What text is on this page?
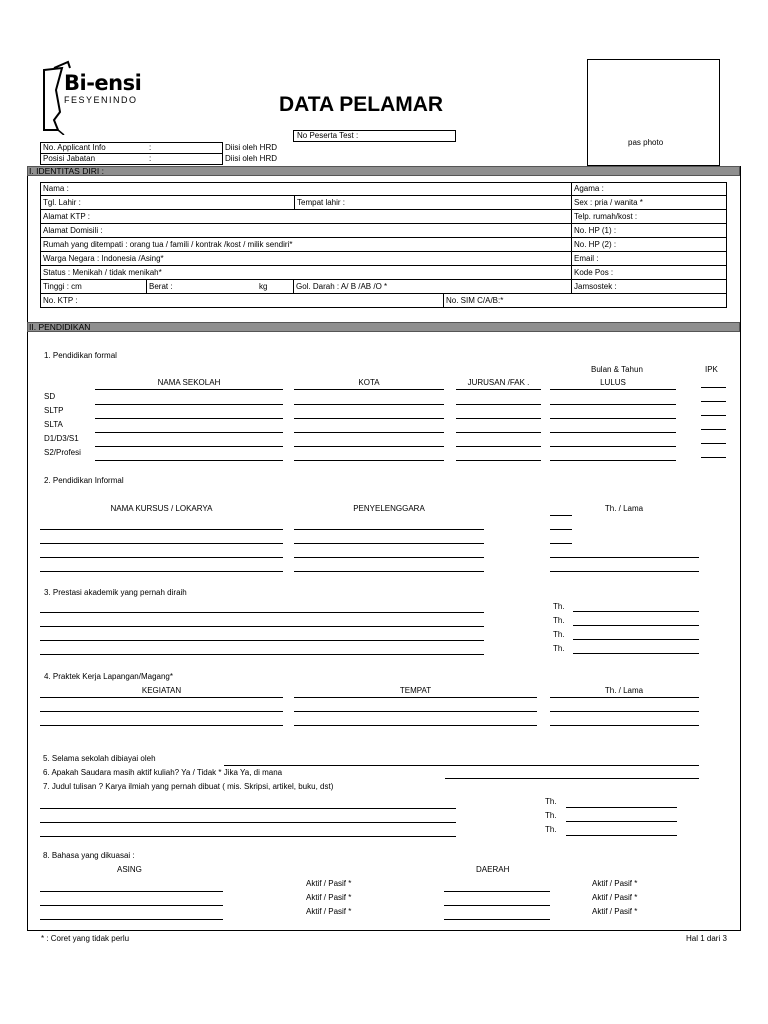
Bi-ensi
FESYENINDO	DATA PELAMAR
No Peserta Test :
pas photo
No. Applicant Info	:	Diisi oleh HRD
Posisi Jabatan	:	Diisi oleh HRD
I. IDENTITAS DIRI :
Nama :	Agama :
Tgl. Lahir :	Tempat lahir :	Sex : pria / wanita *
Alamat KTP :	Telp. rumah/kost :
Alamat Domisili :	No. HP (1) :
Rumah yang ditempati : orang tua / famili / kontrak /kost / milik sendiri*	No. HP (2) :
Warga Negara : Indonesia /Asing*	Email :
Status : Menikah / tidak menikah*	Kode Pos :
Tinggi : cm	Berat :	kg	Gol. Darah : A/ B /AB /O *	Jamsostek :
No. KTP :	No. SIM C/A/B:*
II. PENDIDIKAN
1. Pendidikan formal
Bulan & Tahun	IPK
NAMA SEKOLAH	KOTA	JURUSAN /FAK .	LULUS
SD
SLTP
SLTA
D1/D3/S1
S2/Profesi
2. Pendidikan Informal
NAMA KURSUS / LOKARYA	PENYELENGGARA	Th. / Lama
3. Prestasi akademik yang pernah diraih
Th.
Th.
Th.
Th.
4. Praktek Kerja Lapangan/Magang*
KEGIATAN	TEMPAT	Th. / Lama
5. Selama sekolah dibiayai oleh
6. Apakah Saudara masih aktif kuliah? Ya / Tidak * Jika Ya, di mana
7. Judul tulisan ? Karya ilmiah yang pernah dibuat ( mis. Skripsi, artikel, buku, dst)
Th.
Th.
Th.
8. Bahasa yang dikuasai :
ASING	DAERAH
Aktif / Pasif *
Aktif / Pasif *
Aktif / Pasif *
Aktif / Pasif *
Aktif / Pasif *
Aktif / Pasif *
* : Coret yang tidak perlu	Hal 1 dari 3
